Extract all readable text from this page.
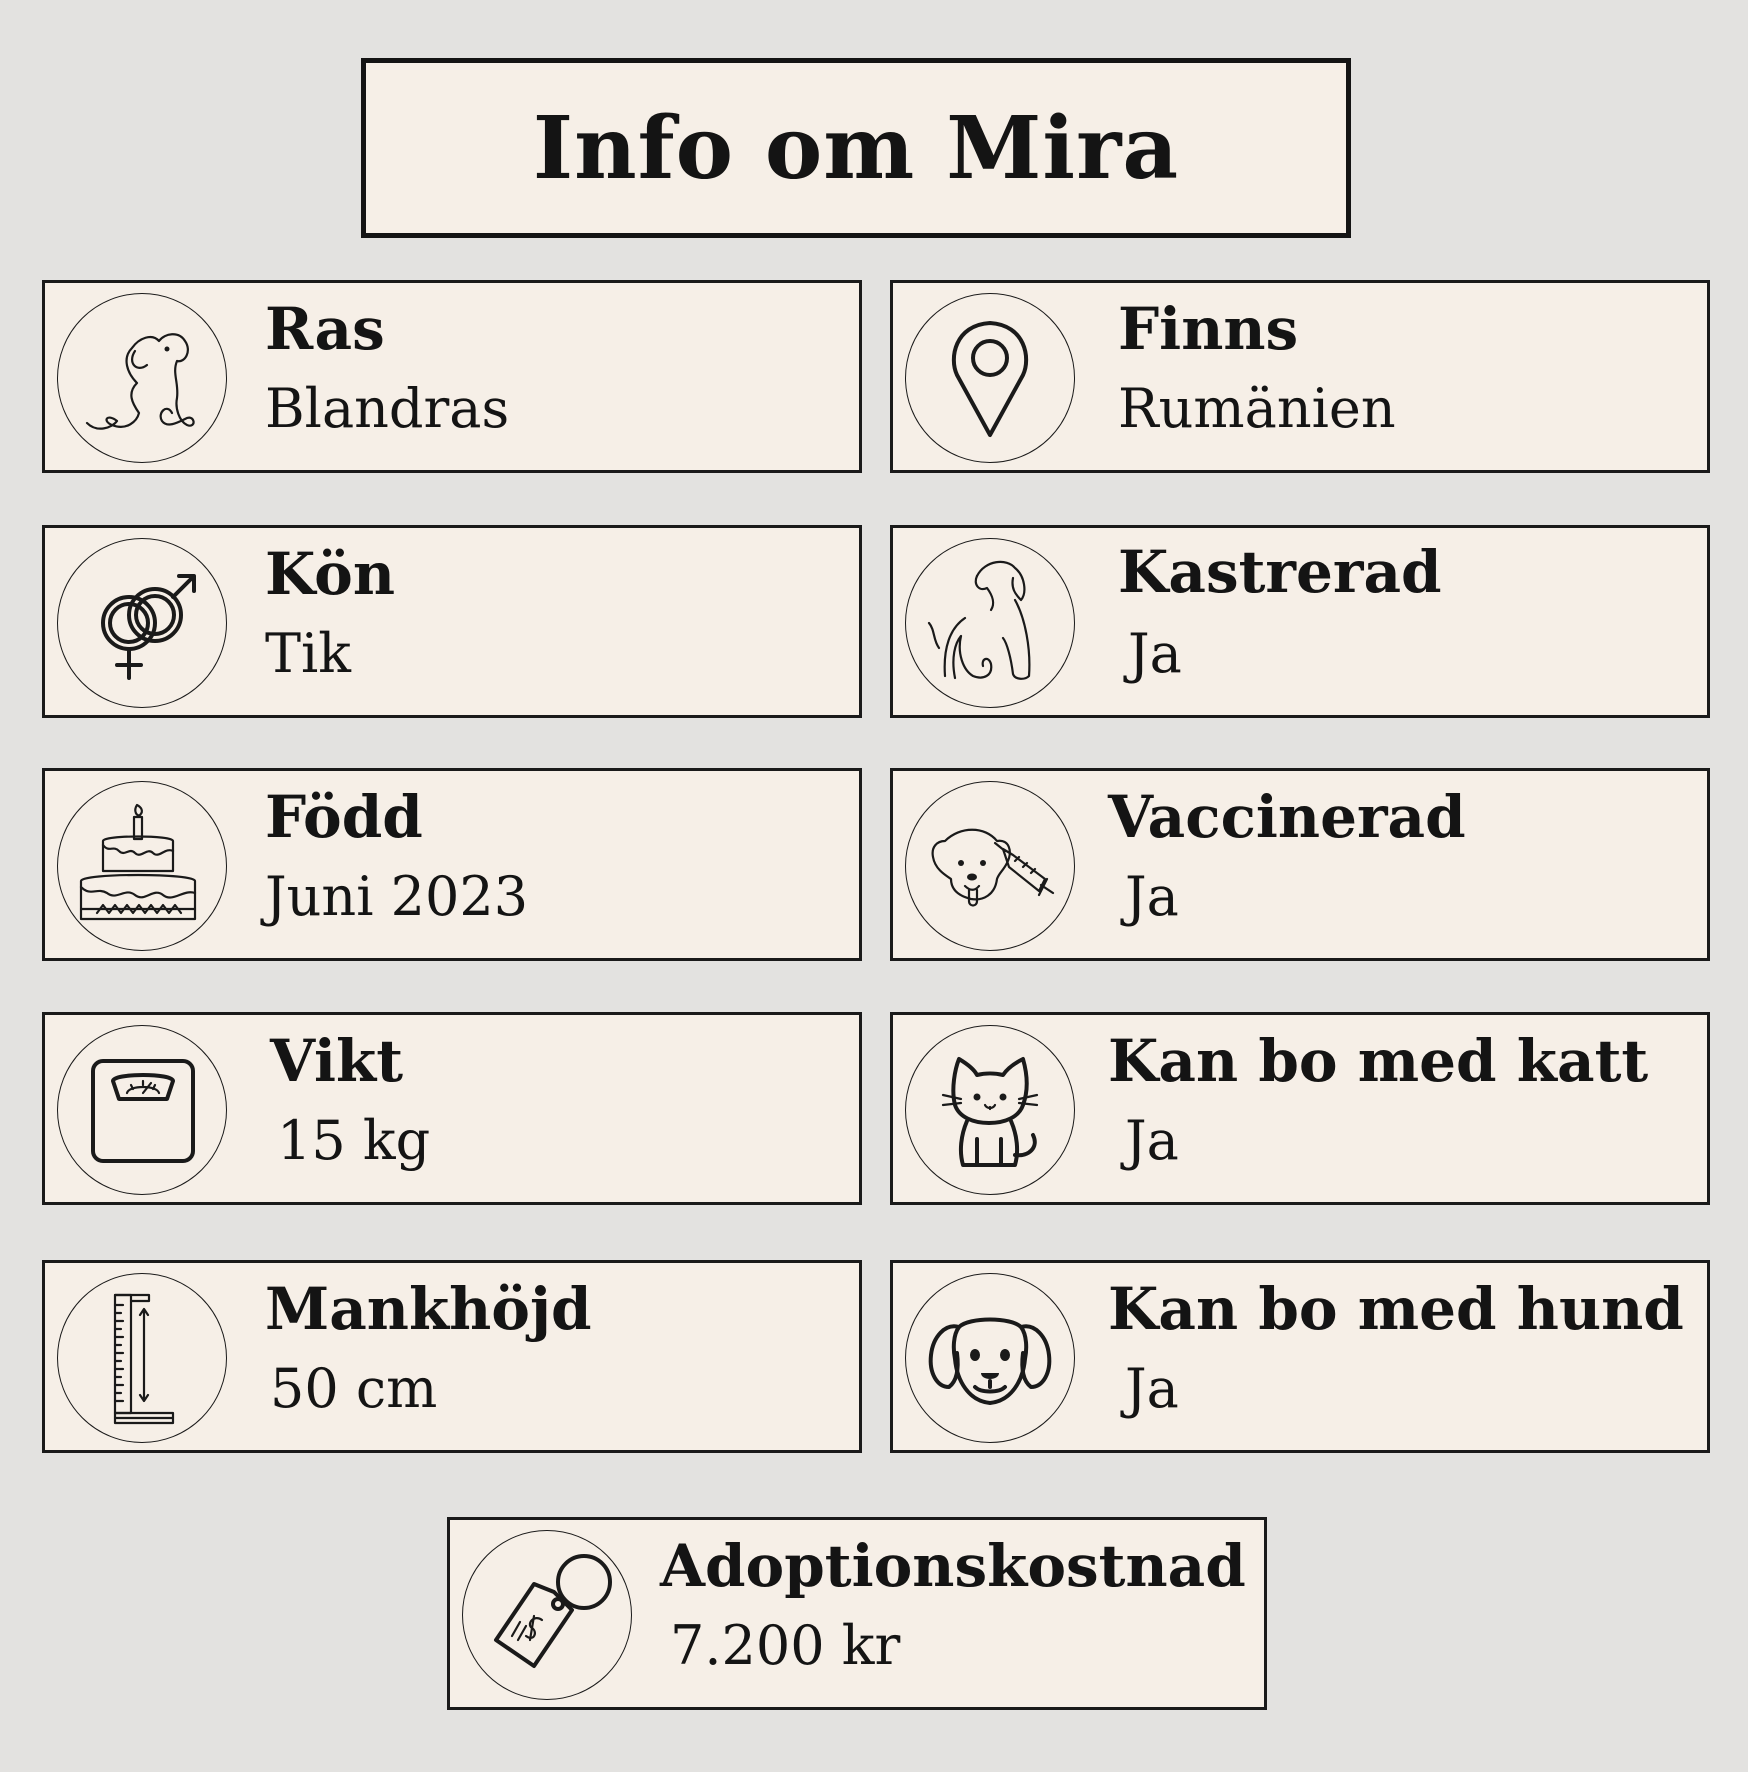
Info om Mira
Ras
Blandras
Finns
Rumänien
Kön
Tik
Kastrerad
Ja
Född
Juni 2023
Vaccinerad
Ja
Vikt
15 kg
Kan bo med katt
Ja
Mankhöjd
50 cm
Kan bo med hund
Ja
Adoptionskostnad
7.200 kr
